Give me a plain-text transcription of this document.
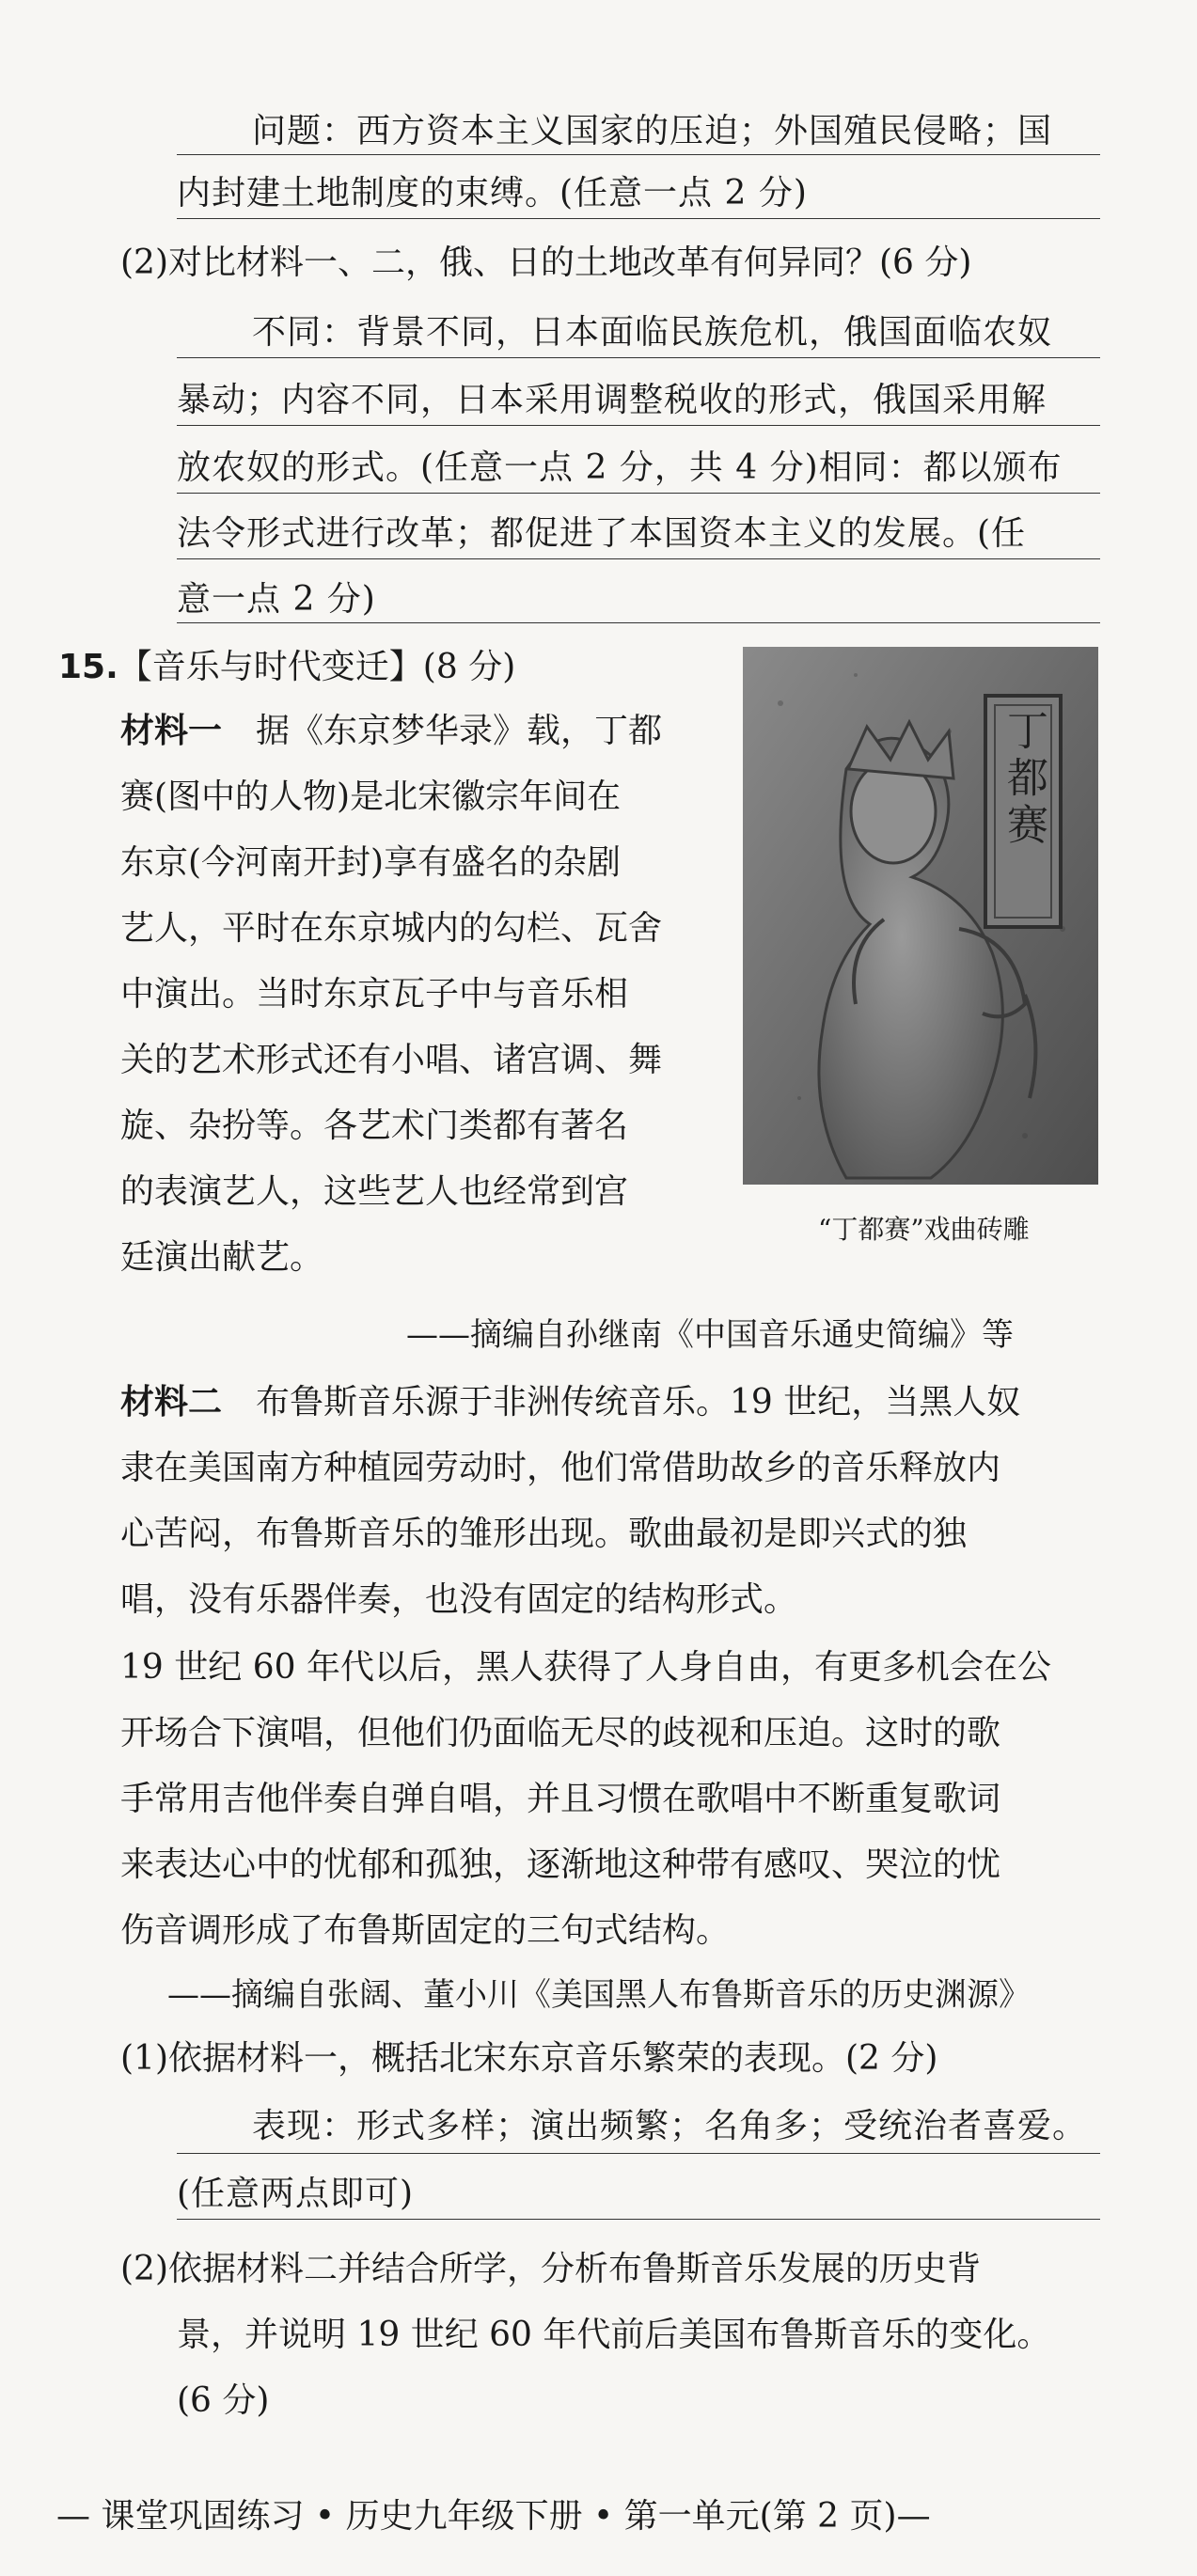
问题：西方资本主义国家的压迫；外国殖民侵略；国
内封建土地制度的束缚。(任意一点 2 分)
(2)对比材料一、二，俄、日的土地改革有何异同？(6 分)
不同：背景不同，日本面临民族危机，俄国面临农奴
暴动；内容不同，日本采用调整税收的形式，俄国采用解
放农奴的形式。(任意一点 2 分，共 4 分)相同：都以颁布
法令形式进行改革；都促进了本国资本主义的发展。(任
意一点 2 分)
15.【音乐与时代变迁】(8 分)
材料一 据《东京梦华录》载，丁都
赛(图中的人物)是北宋徽宗年间在
东京(今河南开封)享有盛名的杂剧
艺人，平时在东京城内的勾栏、瓦舍
中演出。当时东京瓦子中与音乐相
关的艺术形式还有小唱、诸宫调、舞
旋、杂扮等。各艺术门类都有著名
的表演艺人，这些艺人也经常到宫
廷演出献艺。
丁都赛
“丁都赛”戏曲砖雕
——摘编自孙继南《中国音乐通史简编》等
材料二 布鲁斯音乐源于非洲传统音乐。19 世纪，当黑人奴
隶在美国南方种植园劳动时，他们常借助故乡的音乐释放内
心苦闷，布鲁斯音乐的雏形出现。歌曲最初是即兴式的独
唱，没有乐器伴奏，也没有固定的结构形式。
19 世纪 60 年代以后，黑人获得了人身自由，有更多机会在公
开场合下演唱，但他们仍面临无尽的歧视和压迫。这时的歌
手常用吉他伴奏自弹自唱，并且习惯在歌唱中不断重复歌词
来表达心中的忧郁和孤独，逐渐地这种带有感叹、哭泣的忧
伤音调形成了布鲁斯固定的三句式结构。
——摘编自张阔、董小川《美国黑人布鲁斯音乐的历史渊源》
(1)依据材料一，概括北宋东京音乐繁荣的表现。(2 分)
表现：形式多样；演出频繁；名角多；受统治者喜爱。
(任意两点即可)
(2)依据材料二并结合所学，分析布鲁斯音乐发展的历史背
景，并说明 19 世纪 60 年代前后美国布鲁斯音乐的变化。
(6 分)
— 课堂巩固练习 • 历史九年级下册 • 第一单元(第 2 页)—
